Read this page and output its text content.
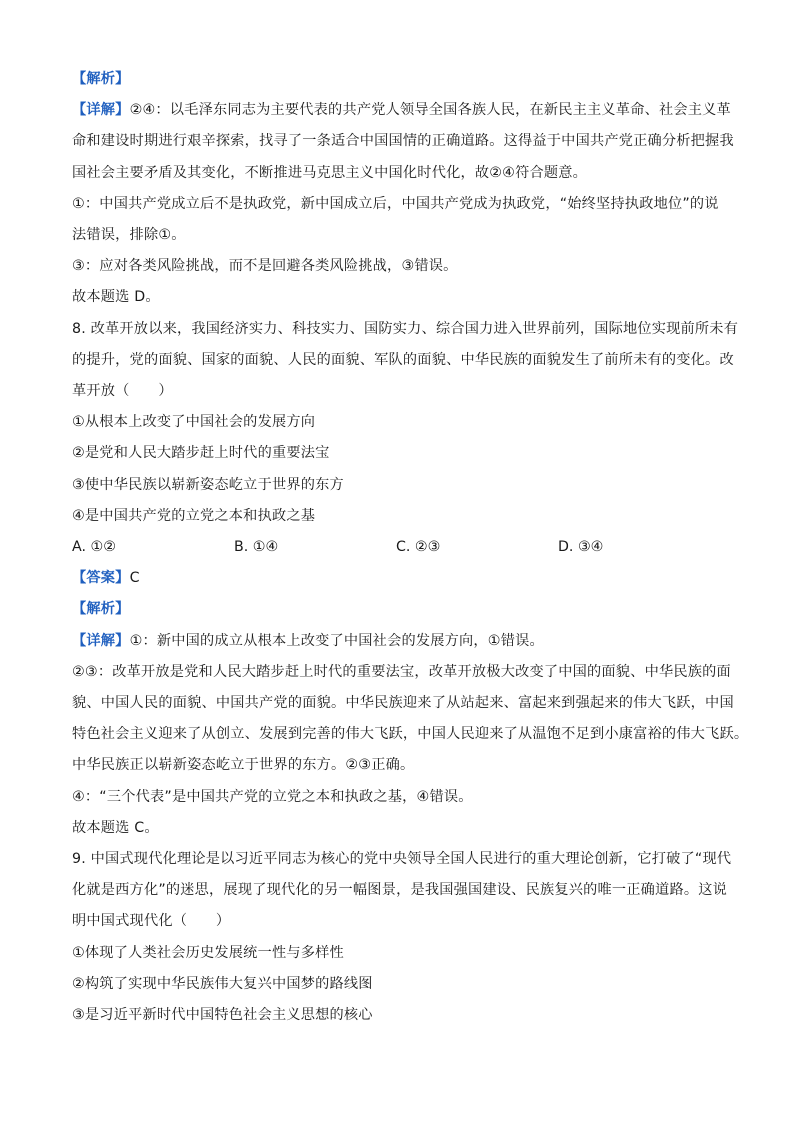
【解析】
【详解】②④：以毛泽东同志为主要代表的共产党人领导全国各族人民，在新民主主义革命、社会主义革
命和建设时期进行艰辛探索，找寻了一条适合中国国情的正确道路。这得益于中国共产党正确分析把握我
国社会主要矛盾及其变化，不断推进马克思主义中国化时代化，故②④符合题意。
①：中国共产党成立后不是执政党，新中国成立后，中国共产党成为执政党，“始终坚持执政地位”的说
法错误，排除①。
③：应对各类风险挑战，而不是回避各类风险挑战，③错误。
故本题选 D。
8. 改革开放以来，我国经济实力、科技实力、国防实力、综合国力进入世界前列，国际地位实现前所未有
的提升，党的面貌、国家的面貌、人民的面貌、军队的面貌、中华民族的面貌发生了前所未有的变化。改
革开放（　　）
①从根本上改变了中国社会的发展方向
②是党和人民大踏步赶上时代的重要法宝
③使中华民族以崭新姿态屹立于世界的东方
④是中国共产党的立党之本和执政之基
A. ①②	B. ①④	C. ②③	D. ③④
【答案】C
【解析】
【详解】①：新中国的成立从根本上改变了中国社会的发展方向，①错误。
②③：改革开放是党和人民大踏步赶上时代的重要法宝，改革开放极大改变了中国的面貌、中华民族的面
貌、中国人民的面貌、中国共产党的面貌。中华民族迎来了从站起来、富起来到强起来的伟大飞跃，中国
特色社会主义迎来了从创立、发展到完善的伟大飞跃，中国人民迎来了从温饱不足到小康富裕的伟大飞跃。
中华民族正以崭新姿态屹立于世界的东方。②③正确。
④：“三个代表”是中国共产党的立党之本和执政之基，④错误。
故本题选 C。
9. 中国式现代化理论是以习近平同志为核心的党中央领导全国人民进行的重大理论创新，它打破了“现代
化就是西方化”的迷思，展现了现代化的另一幅图景，是我国强国建设、民族复兴的唯一正确道路。这说
明中国式现代化（　　）
①体现了人类社会历史发展统一性与多样性
②构筑了实现中华民族伟大复兴中国梦的路线图
③是习近平新时代中国特色社会主义思想的核心
